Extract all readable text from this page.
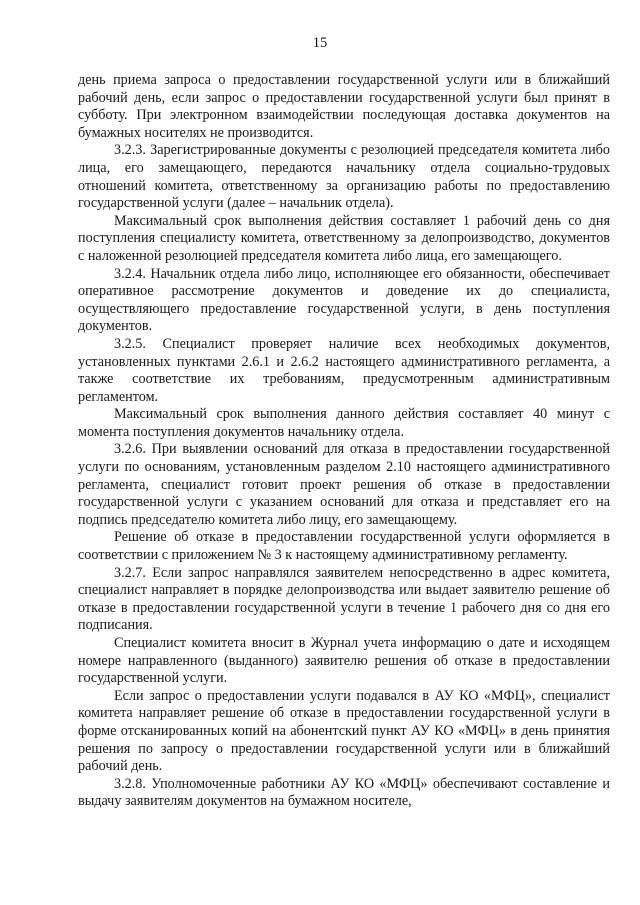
15

день приема запроса о предоставлении государственной услуги или в ближайший рабочий день, если запрос о предоставлении государственной услуги был принят в субботу. При электронном взаимодействии последующая доставка документов на бумажных носителях не производится.

3.2.3. Зарегистрированные документы с резолюцией председателя комитета либо лица, его замещающего, передаются начальнику отдела социально-трудовых отношений комитета, ответственному за организацию работы по предоставлению государственной услуги (далее – начальник отдела).

Максимальный срок выполнения действия составляет 1 рабочий день со дня поступления специалисту комитета, ответственному за делопроизводство, документов с наложенной резолюцией председателя комитета либо лица, его замещающего.

3.2.4. Начальник отдела либо лицо, исполняющее его обязанности, обеспечивает оперативное рассмотрение документов и доведение их до специалиста, осуществляющего предоставление государственной услуги, в день поступления документов.

3.2.5. Специалист проверяет наличие всех необходимых документов, установленных пунктами 2.6.1 и 2.6.2 настоящего административного регламента, а также соответствие их требованиям, предусмотренным административным регламентом.

Максимальный срок выполнения данного действия составляет 40 минут с момента поступления документов начальнику отдела.

3.2.6. При выявлении оснований для отказа в предоставлении государственной услуги по основаниям, установленным разделом 2.10 настоящего административного регламента, специалист готовит проект решения об отказе в предоставлении государственной услуги с указанием оснований для отказа и представляет его на подпись председателю комитета либо лицу, его замещающему.

Решение об отказе в предоставлении государственной услуги оформляется в соответствии с приложением № 3 к настоящему административному регламенту.

3.2.7. Если запрос направлялся заявителем непосредственно в адрес комитета, специалист направляет в порядке делопроизводства или выдает заявителю решение об отказе в предоставлении государственной услуги в течение 1 рабочего дня со дня его подписания.

Специалист комитета вносит в Журнал учета информацию о дате и исходящем номере направленного (выданного) заявителю решения об отказе в предоставлении государственной услуги.

Если запрос о предоставлении услуги подавался в АУ КО «МФЦ», специалист комитета направляет решение об отказе в предоставлении государственной услуги в форме отсканированных копий на абонентский пункт АУ КО «МФЦ» в день принятия решения по запросу о предоставлении государственной услуги или в ближайший рабочий день.

3.2.8. Уполномоченные работники АУ КО «МФЦ» обеспечивают составление и выдачу заявителям документов на бумажном носителе,
